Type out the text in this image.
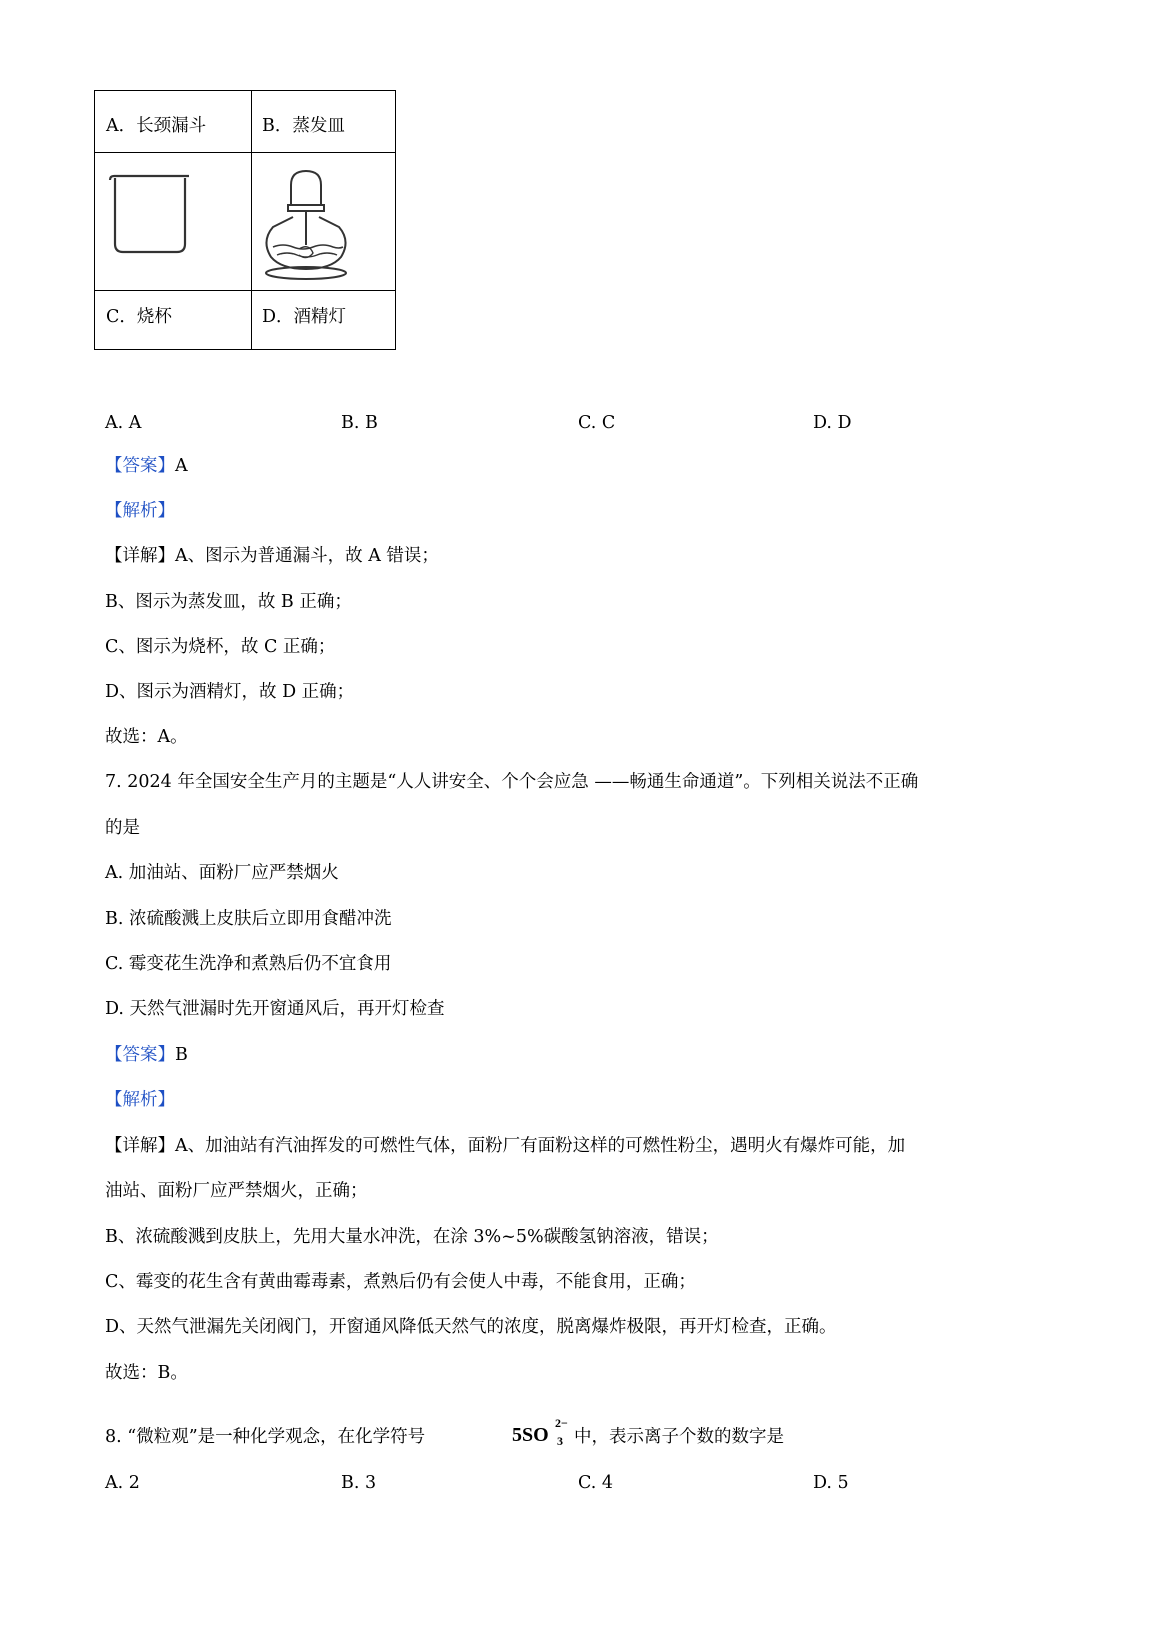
A．长颈漏斗	B．蒸发皿
C．烧杯	D．酒精灯
A. A	B. B	C. C	D. D
【答案】A
【解析】
【详解】A、图示为普通漏斗，故 A 错误；
B、图示为蒸发皿，故 B 正确；
C、图示为烧杯，故 C 正确；
D、图示为酒精灯，故 D 正确；
故选：A。
7. 2024 年全国安全生产月的主题是“人人讲安全、个个会应急 ——畅通生命通道”。下列相关说法不正确
的是
A. 加油站、面粉厂应严禁烟火
B. 浓硫酸溅上皮肤后立即用食醋冲洗
C. 霉变花生洗净和煮熟后仍不宜食用
D. 天然气泄漏时先开窗通风后，再开灯检查
【答案】B
【解析】
【详解】A、加油站有汽油挥发的可燃性气体，面粉厂有面粉这样的可燃性粉尘，遇明火有爆炸可能，加
油站、面粉厂应严禁烟火，正确；
B、浓硫酸溅到皮肤上，先用大量水冲洗，在涂 3%~5%碳酸氢钠溶液，错误；
C、霉变的花生含有黄曲霉毒素，煮熟后仍有会使人中毒，不能食用，正确；
D、天然气泄漏先关闭阀门，开窗通风降低天然气的浓度，脱离爆炸极限，再开灯检查，正确。
故选：B。
8. “微粒观”是一种化学观念，在化学符号	5SO
2−
3 中，表示离子个数的数字是
A. 2	B. 3	C. 4	D. 5
